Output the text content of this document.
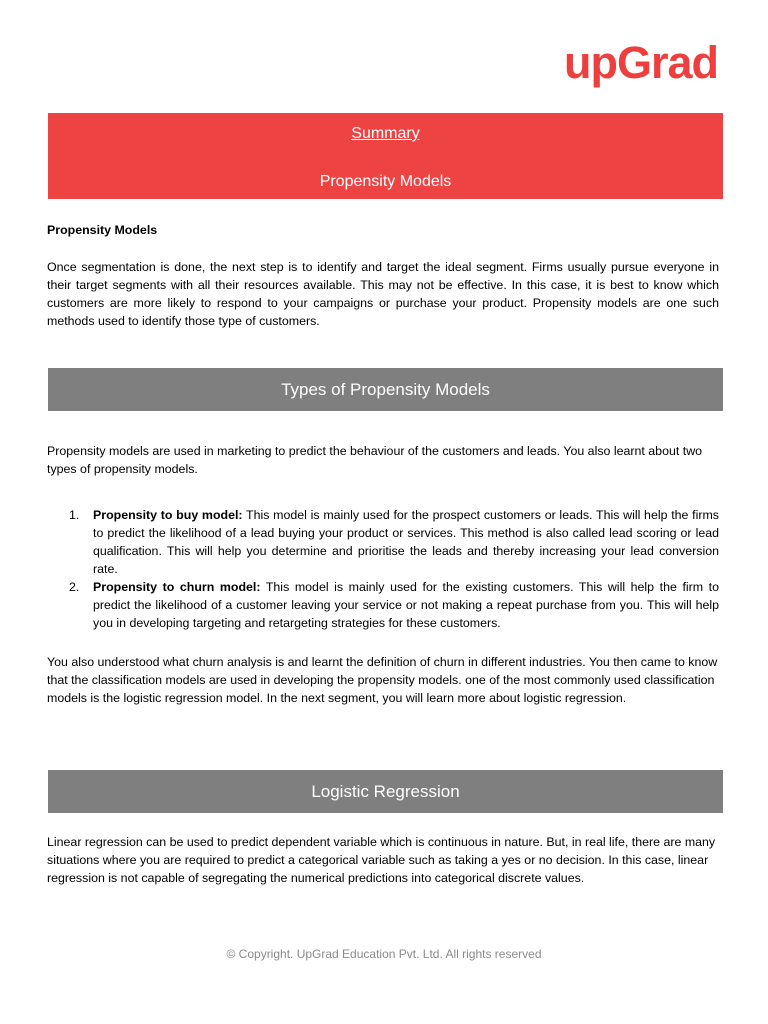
upGrad
Summary
Propensity Models
Propensity Models
Once segmentation is done, the next step is to identify and target the ideal segment. Firms usually pursue everyone in their target segments with all their resources available. This may not be effective. In this case, it is best to know which customers are more likely to respond to your campaigns or purchase your product. Propensity models are one such methods used to identify those type of customers.
Types of Propensity Models
Propensity models are used in marketing to predict the behaviour of the customers and leads. You also learnt about two types of propensity models.
1. Propensity to buy model: This model is mainly used for the prospect customers or leads. This will help the firms to predict the likelihood of a lead buying your product or services. This method is also called lead scoring or lead qualification. This will help you determine and prioritise the leads and thereby increasing your lead conversion rate.
2. Propensity to churn model: This model is mainly used for the existing customers. This will help the firm to predict the likelihood of a customer leaving your service or not making a repeat purchase from you. This will help you in developing targeting and retargeting strategies for these customers.
You also understood what churn analysis is and learnt the definition of churn in different industries. You then came to know that the classification models are used in developing the propensity models. one of the most commonly used classification models is the logistic regression model. In the next segment, you will learn more about logistic regression.
Logistic Regression
Linear regression can be used to predict dependent variable which is continuous in nature. But, in real life, there are many situations where you are required to predict a categorical variable such as taking a yes or no decision. In this case, linear regression is not capable of segregating the numerical predictions into categorical discrete values.
© Copyright. UpGrad Education Pvt. Ltd. All rights reserved
